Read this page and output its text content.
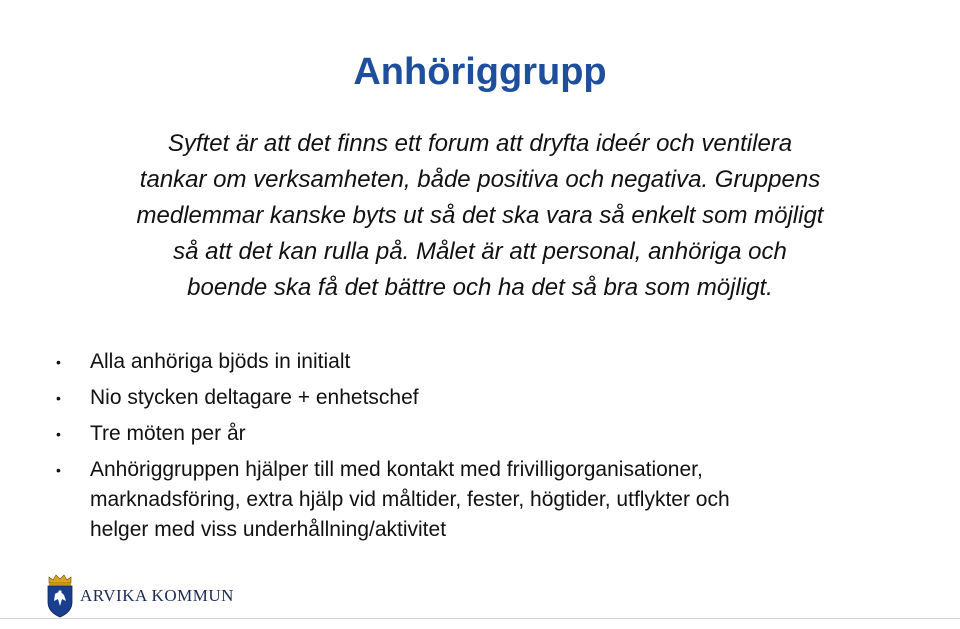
Anhöriggrupp

Syftet är att det finns ett forum att dryfta ideér och ventilera
tankar om verksamheten, både positiva och negativa. Gruppens
medlemmar kanske byts ut så det ska vara så enkelt som möjligt
så att det kan rulla på. Målet är att personal, anhöriga och
boende ska få det bättre och ha det så bra som möjligt.

• Alla anhöriga bjöds in initialt
• Nio stycken deltagare + enhetschef
• Tre möten per år
• Anhöriggruppen hjälper till med kontakt med frivilligorganisationer,
marknadsföring, extra hjälp vid måltider, fester, högtider, utflykter och
helger med viss underhållning/aktivitet
ARVIKA KOMMUN
